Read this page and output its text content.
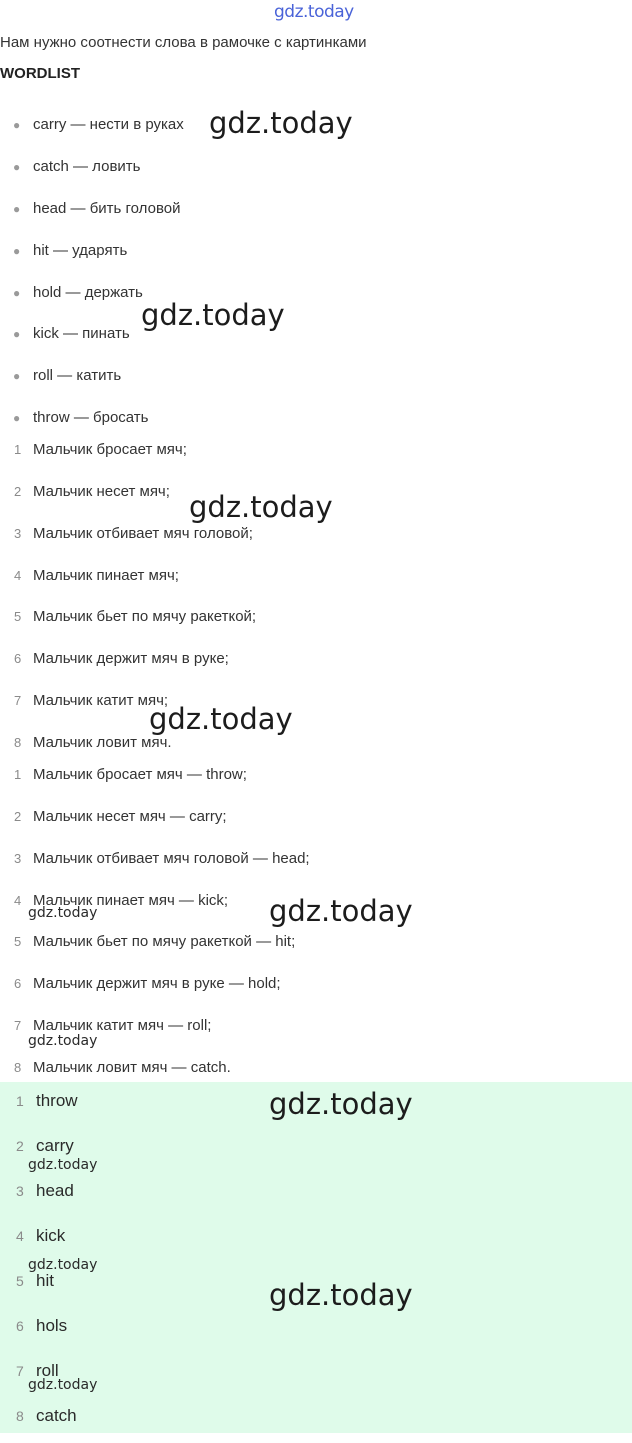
gdz.today
Нам нужно соотнести слова в рамочке с картинками
WORDLIST
● carry — нести в руках
● catch — ловить
● head — бить головой
● hit — ударять
● hold — держать
● kick — пинать
● roll — катить
● throw — бросать
1 Мальчик бросает мяч;
2 Мальчик несет мяч;
3 Мальчик отбивает мяч головой;
4 Мальчик пинает мяч;
5 Мальчик бьет по мячу ракеткой;
6 Мальчик держит мяч в руке;
7 Мальчик катит мяч;
8 Мальчик ловит мяч.
1 Мальчик бросает мяч — throw;
2 Мальчик несет мяч — carry;
3 Мальчик отбивает мяч головой — head;
4 Мальчик пинает мяч — kick;
5 Мальчик бьет по мячу ракеткой — hit;
6 Мальчик держит мяч в руке — hold;
7 Мальчик катит мяч — roll;
8 Мальчик ловит мяч — catch.
1 throw
2 carry
3 head
4 kick
5 hit
6 hols
7 roll
8 catch
gdz.today
gdz.today
gdz.today
gdz.today
gdz.today
gdz.today
gdz.today
gdz.today
gdz.today
gdz.today
gdz.today
gdz.today
